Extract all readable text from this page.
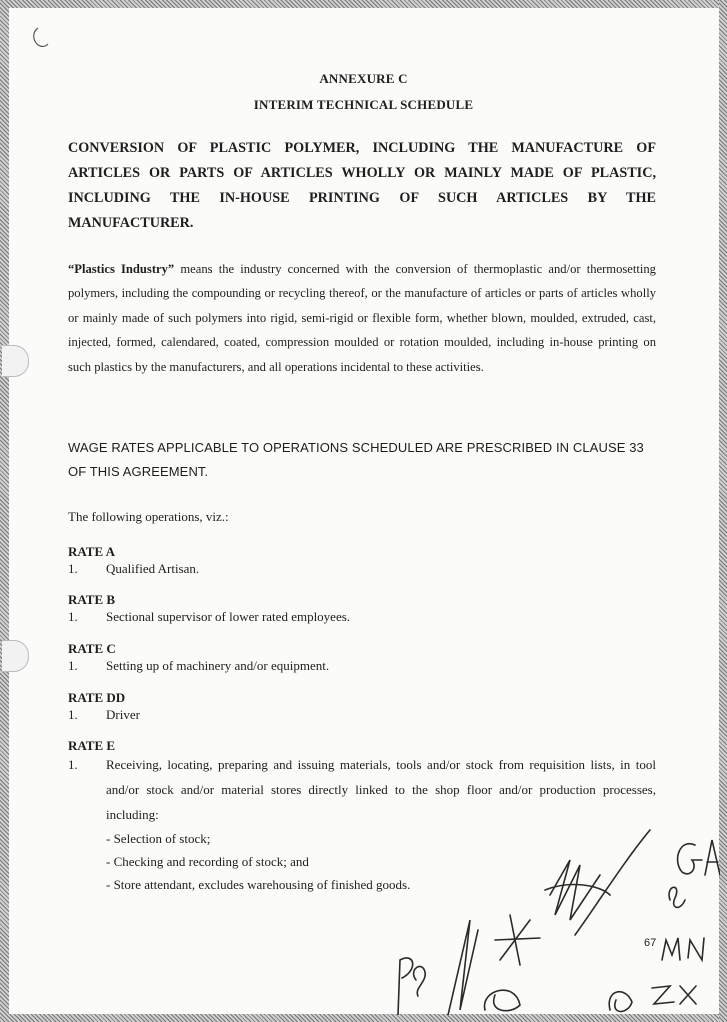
ANNEXURE C
INTERIM TECHNICAL SCHEDULE
CONVERSION OF PLASTIC POLYMER, INCLUDING THE MANUFACTURE OF ARTICLES OR PARTS OF ARTICLES WHOLLY OR MAINLY MADE OF PLASTIC, INCLUDING THE IN-HOUSE PRINTING OF SUCH ARTICLES BY THE MANUFACTURER.
“Plastics Industry” means the industry concerned with the conversion of thermoplastic and/or thermosetting polymers, including the compounding or recycling thereof, or the manufacture of articles or parts of articles wholly or mainly made of such polymers into rigid, semi-rigid or flexible form, whether blown, moulded, extruded, cast, injected, formed, calendared, coated, compression moulded or rotation moulded, including in-house printing on such plastics by the manufacturers, and all operations incidental to these activities.
WAGE RATES APPLICABLE TO OPERATIONS SCHEDULED ARE PRESCRIBED IN CLAUSE 33 OF THIS AGREEMENT.
The following operations, viz.:
RATE A
1. Qualified Artisan.
RATE B
1. Sectional supervisor of lower rated employees.
RATE C
1. Setting up of machinery and/or equipment.
RATE DD
1. Driver
RATE E
1. Receiving, locating, preparing and issuing materials, tools and/or stock from requisition lists, in tool and/or stock and/or material stores directly linked to the shop floor and/or production processes, including:
- Selection of stock;
- Checking and recording of stock; and
- Store attendant, excludes warehousing of finished goods.
67
